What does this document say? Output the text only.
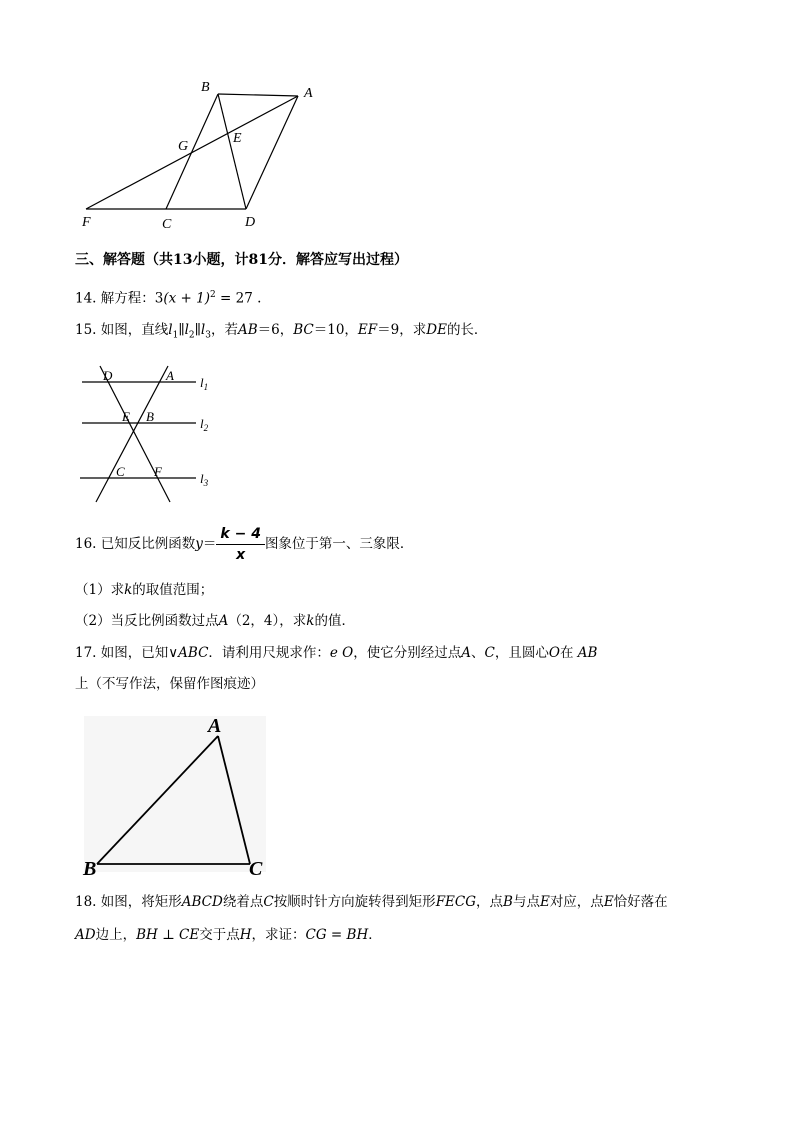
B	A
G
E
F	C	D
三、解答题（共13小题，计81分．解答应写出过程）
14. 解方程：$3(x + 1)^2 = 27$ .
15. 如图，直线$l_1\parallel l_2\parallel l_3$，若AB＝6，BC＝10，EF＝9，求DE的长．
D	A
E B
C F
$l_1$
$l_2$
$l_3$
16. 已知反比例函数$y= \frac{k - 4}{x}$ 图象位于第一、三象限．
（1）求k的取值范围；
（2）当反比例函数过点A（2，4），求k的值．
17. 如图，已知∨ABC．请利用尺规求作：e O，使它分别经过点A、C，且圆心O在 AB
上（不写作法，保留作图痕迹）
A
B	C
18. 如图，将矩形ABCD绕着点C按顺时针方向旋转得到矩形FECG，点B与点E对应，点E恰好落在
AD边上，BH ⊥ CE交于点H，求证：CG = BH．
